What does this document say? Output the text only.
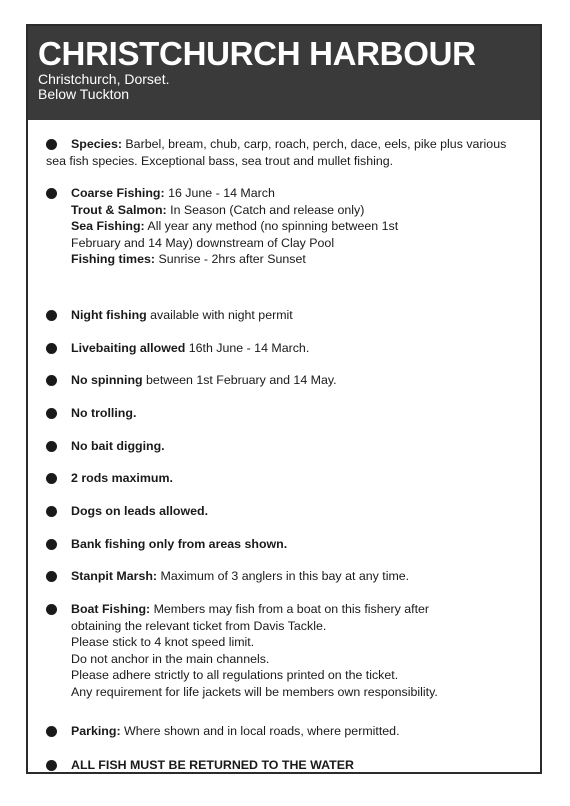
CHRISTCHURCH HARBOUR
Christchurch, Dorset.
Below Tuckton
Species: Barbel, bream, chub, carp, roach, perch, dace, eels, pike plus various sea fish species. Exceptional bass, sea trout and mullet fishing.
Coarse Fishing: 16 June - 14 March
Trout & Salmon: In Season (Catch and release only)
Sea Fishing: All year any method (no spinning between 1st
February and 14 May) downstream of Clay Pool
Fishing times: Sunrise - 2hrs after Sunset
Night fishing available with night permit
Livebaiting allowed 16th June - 14 March.
No spinning between 1st February and 14 May.
No trolling.
No bait digging.
2 rods maximum.
Dogs on leads allowed.
Bank fishing only from areas shown.
Stanpit Marsh: Maximum of 3 anglers in this bay at any time.
Boat Fishing: Members may fish from a boat on this fishery after
obtaining the relevant ticket from Davis Tackle.
Please stick to 4 knot speed limit.
Do not anchor in the main channels.
Please adhere strictly to all regulations printed on the ticket.
Any requirement for life jackets will be members own responsibility.
Parking: Where shown and in local roads, where permitted.
ALL FISH MUST BE RETURNED TO THE WATER
